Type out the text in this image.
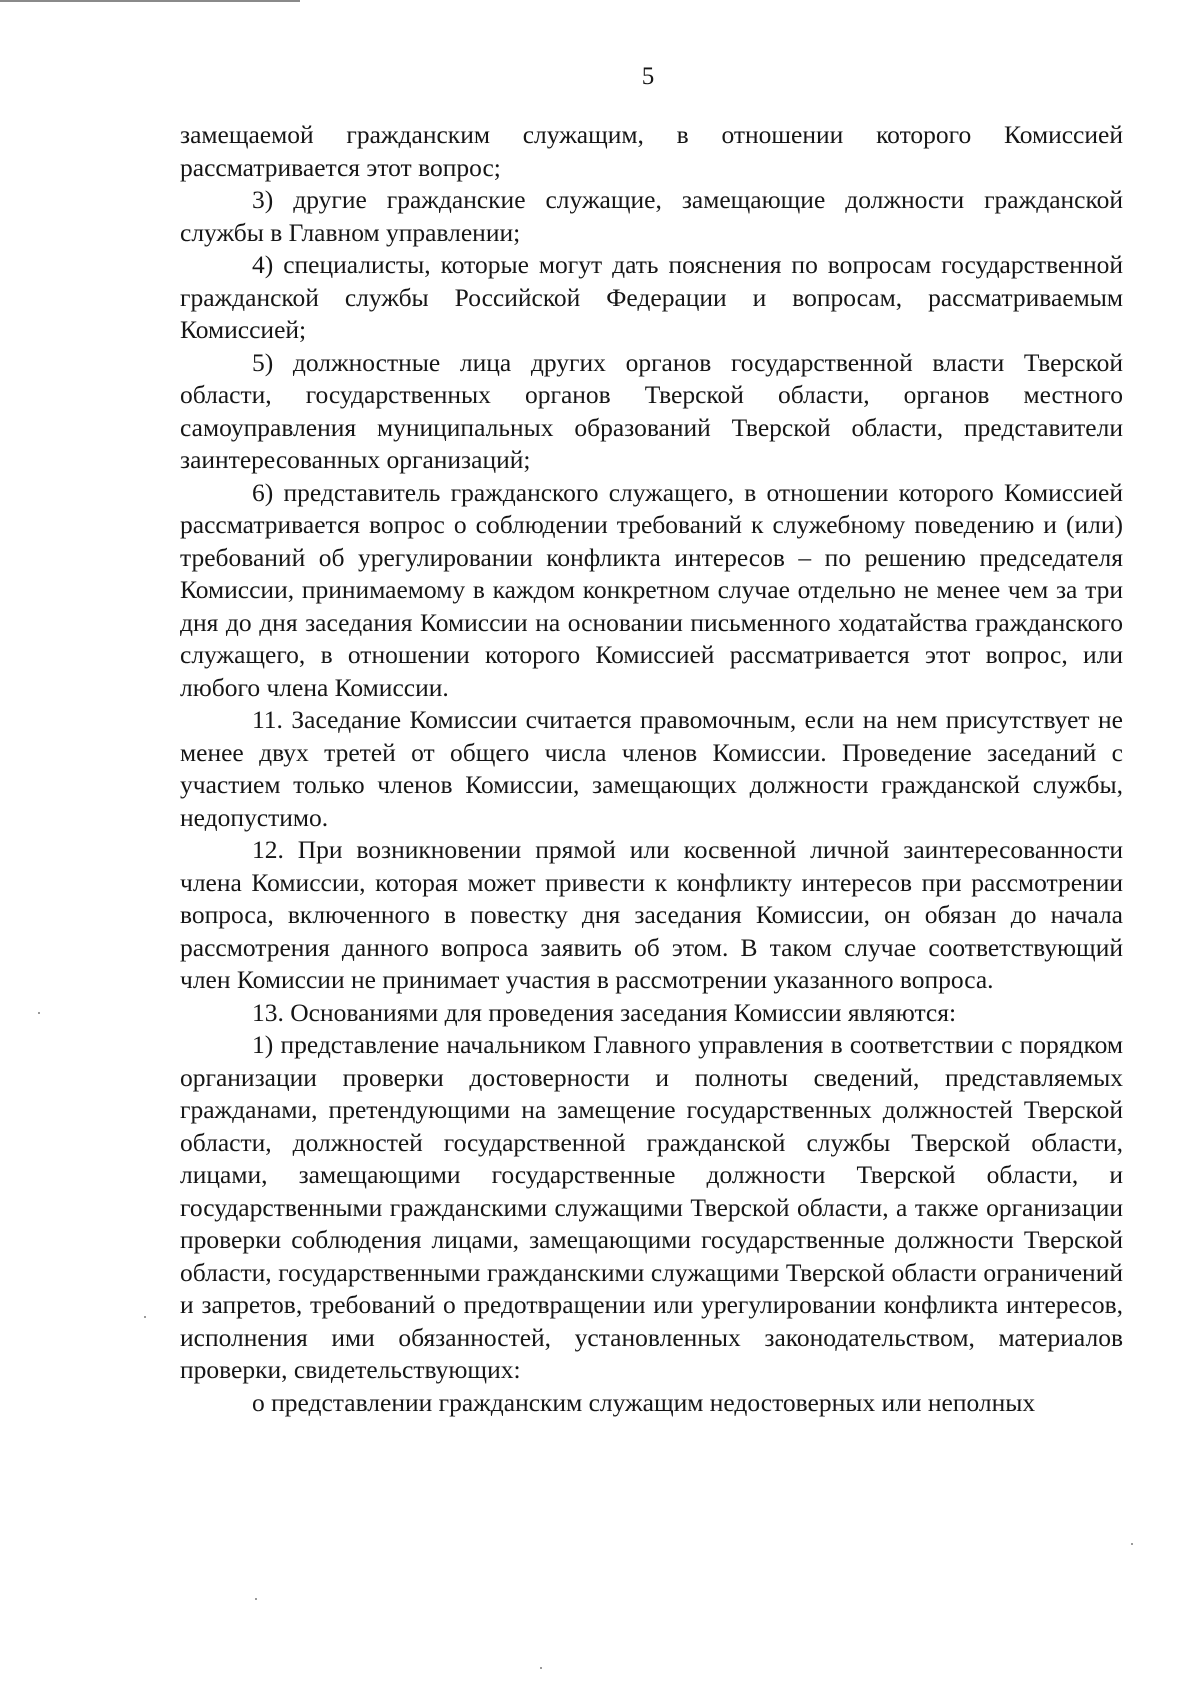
5

замещаемой гражданским служащим, в отношении которого Комиссией рассматривается этот вопрос;

3) другие гражданские служащие, замещающие должности гражданской службы в Главном управлении;

4) специалисты, которые могут дать пояснения по вопросам государственной гражданской службы Российской Федерации и вопросам, рассматриваемым Комиссией;

5) должностные лица других органов государственной власти Тверской области, государственных органов Тверской области, органов местного самоуправления муниципальных образований Тверской области, представители заинтересованных организаций;

6) представитель гражданского служащего, в отношении которого Комиссией рассматривается вопрос о соблюдении требований к служебному поведению и (или) требований об урегулировании конфликта интересов – по решению председателя Комиссии, принимаемому в каждом конкретном случае отдельно не менее чем за три дня до дня заседания Комиссии на основании письменного ходатайства гражданского служащего, в отношении которого Комиссией рассматривается этот вопрос, или любого члена Комиссии.

11. Заседание Комиссии считается правомочным, если на нем присутствует не менее двух третей от общего числа членов Комиссии. Проведение заседаний с участием только членов Комиссии, замещающих должности гражданской службы, недопустимо.

12. При возникновении прямой или косвенной личной заинтересованности члена Комиссии, которая может привести к конфликту интересов при рассмотрении вопроса, включенного в повестку дня заседания Комиссии, он обязан до начала рассмотрения данного вопроса заявить об этом. В таком случае соответствующий член Комиссии не принимает участия в рассмотрении указанного вопроса.

13. Основаниями для проведения заседания Комиссии являются:

1) представление начальником Главного управления в соответствии с порядком организации проверки достоверности и полноты сведений, представляемых гражданами, претендующими на замещение государственных должностей Тверской области, должностей государственной гражданской службы Тверской области, лицами, замещающими государственные должности Тверской области, и государственными гражданскими служащими Тверской области, а также организации проверки соблюдения лицами, замещающими государственные должности Тверской области, государственными гражданскими служащими Тверской области ограничений и запретов, требований о предотвращении или урегулировании конфликта интересов, исполнения ими обязанностей, установленных законодательством, материалов проверки, свидетельствующих:

о представлении гражданским служащим недостоверных или неполных
